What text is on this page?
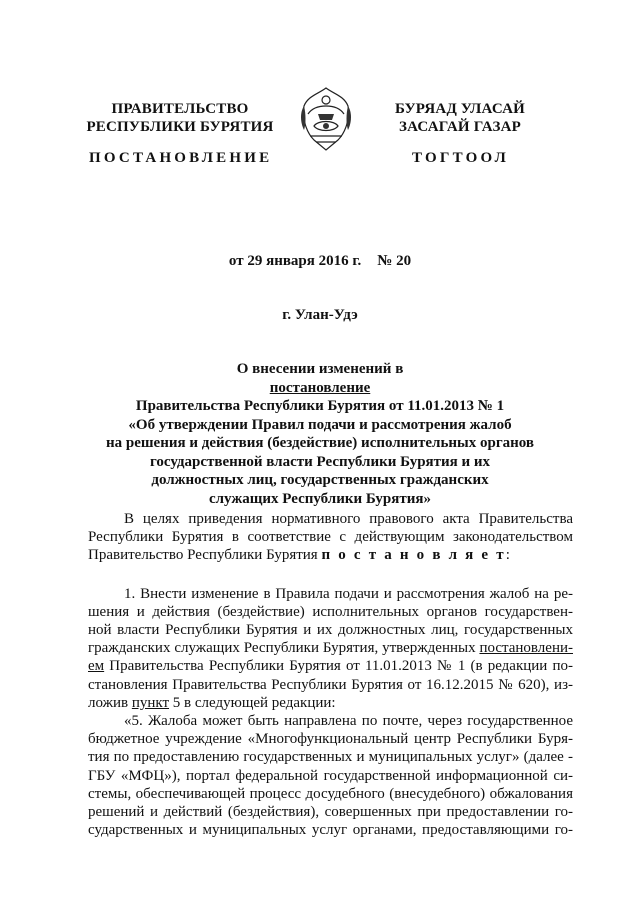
ПРАВИТЕЛЬСТВО
РЕСПУБЛИКИ БУРЯТИЯ
БУРЯАД УЛАСАЙ
ЗАСАГАЙ ГАЗАР
ПОСТАНОВЛЕНИЕ	ТОГТООЛ
от 29 января 2016 г. № 20
г. Улан-Удэ
О внесении изменений в
постановление
Правительства Республики Бурятия от 11.01.2013 № 1
«Об утверждении Правил подачи и рассмотрения жалоб
на решения и действия (бездействие) исполнительных органов
государственной власти Республики Бурятия и их
должностных лиц, государственных гражданских
служащих Республики Бурятия»

В целях приведения нормативного правового акта Правительства
Республики Бурятия в соответствие с действующим законодательством
Правительство Республики Бурятия п о с т а н о в л я е т:

1. Внести изменение в Правила подачи и рассмотрения жалоб на ре-
шения и действия (бездействие) исполнительных органов государствен-
ной власти Республики Бурятия и их должностных лиц, государственных
гражданских служащих Республики Бурятия, утвержденных постановлени-
ем Правительства Республики Бурятия от 11.01.2013 № 1 (в редакции по-
становления Правительства Республики Бурятия от 16.12.2015 № 620), из-
ложив пункт 5 в следующей редакции:

«5. Жалоба может быть направлена по почте, через государственное
бюджетное учреждение «Многофункциональный центр Республики Буря-
тия по предоставлению государственных и муниципальных услуг» (далее -
ГБУ «МФЦ»), портал федеральной государственной информационной си-
стемы, обеспечивающей процесс досудебного (внесудебного) обжалования
решений и действий (бездействия), совершенных при предоставлении го-
сударственных и муниципальных услуг органами, предоставляющими го-
